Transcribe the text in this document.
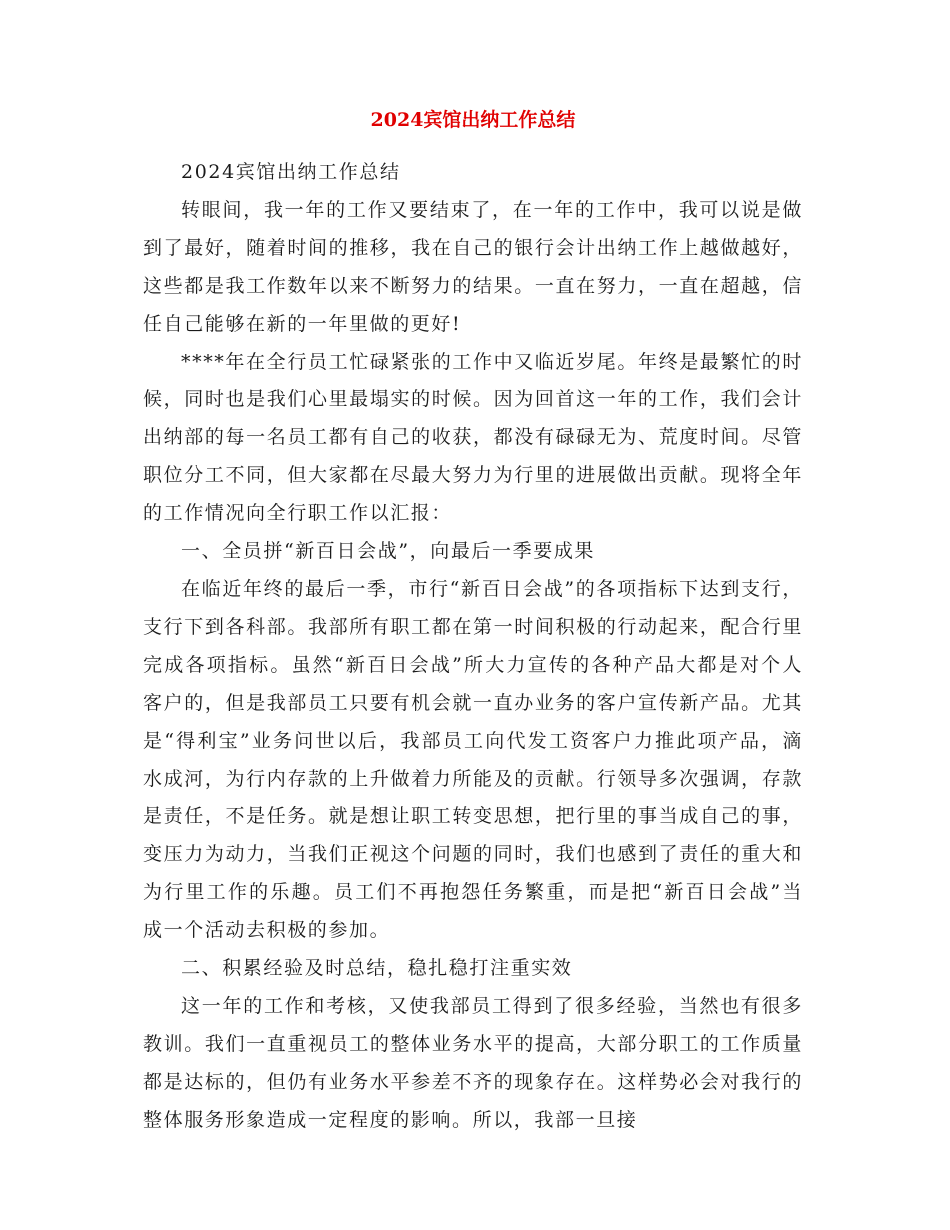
2024宾馆出纳工作总结

2024宾馆出纳工作总结

转眼间，我一年的工作又要结束了，在一年的工作中，我可以说是做到了最好，随着时间的推移，我在自己的银行会计出纳工作上越做越好，这些都是我工作数年以来不断努力的结果。一直在努力，一直在超越，信任自己能够在新的一年里做的更好!

****年在全行员工忙碌紧张的工作中又临近岁尾。年终是最繁忙的时候，同时也是我们心里最塌实的时候。因为回首这一年的工作，我们会计出纳部的每一名员工都有自己的收获，都没有碌碌无为、荒度时间。尽管职位分工不同，但大家都在尽最大努力为行里的进展做出贡献。现将全年的工作情况向全行职工作以汇报：

一、全员拼“新百日会战”，向最后一季要成果

在临近年终的最后一季，市行“新百日会战”的各项指标下达到支行，支行下到各科部。我部所有职工都在第一时间积极的行动起来，配合行里完成各项指标。虽然“新百日会战”所大力宣传的各种产品大都是对个人客户的，但是我部员工只要有机会就一直办业务的客户宣传新产品。尤其是“得利宝”业务问世以后，我部员工向代发工资客户力推此项产品，滴水成河，为行内存款的上升做着力所能及的贡献。行领导多次强调，存款是责任，不是任务。就是想让职工转变思想，把行里的事当成自己的事，变压力为动力，当我们正视这个问题的同时，我们也感到了责任的重大和为行里工作的乐趣。员工们不再抱怨任务繁重，而是把“新百日会战”当成一个活动去积极的参加。

二、积累经验及时总结，稳扎稳打注重实效

这一年的工作和考核，又使我部员工得到了很多经验，当然也有很多教训。我们一直重视员工的整体业务水平的提高，大部分职工的工作质量都是达标的，但仍有业务水平参差不齐的现象存在。这样势必会对我行的整体服务形象造成一定程度的影响。所以，我部一旦接
